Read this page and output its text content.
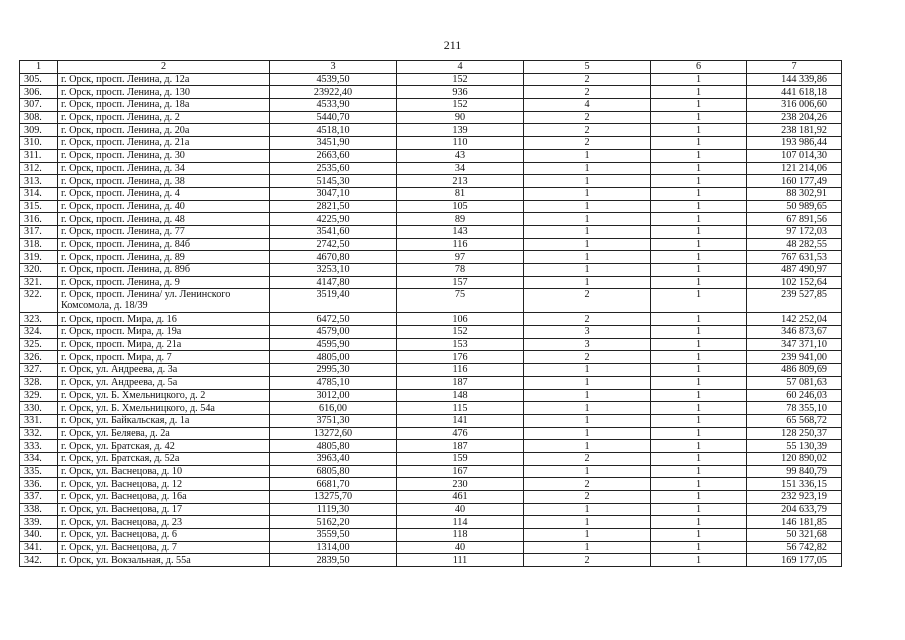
211
1	2	3	4	5	6	7
305.	г. Орск, просп. Ленина, д. 12а	4539,50	152	2	1	144 339,86
306.	г. Орск, просп. Ленина, д. 130	23922,40	936	2	1	441 618,18
307.	г. Орск, просп. Ленина, д. 18а	4533,90	152	4	1	316 006,60
308.	г. Орск, просп. Ленина, д. 2	5440,70	90	2	1	238 204,26
309.	г. Орск, просп. Ленина, д. 20а	4518,10	139	2	1	238 181,92
310.	г. Орск, просп. Ленина, д. 21а	3451,90	110	2	1	193 986,44
311.	г. Орск, просп. Ленина, д. 30	2663,60	43	1	1	107 014,30
312.	г. Орск, просп. Ленина, д. 34	2535,60	34	1	1	121 214,06
313.	г. Орск, просп. Ленина, д. 38	5145,30	213	1	1	160 177,49
314.	г. Орск, просп. Ленина, д. 4	3047,10	81	1	1	88 302,91
315.	г. Орск, просп. Ленина, д. 40	2821,50	105	1	1	50 989,65
316.	г. Орск, просп. Ленина, д. 48	4225,90	89	1	1	67 891,56
317.	г. Орск, просп. Ленина, д. 77	3541,60	143	1	1	97 172,03
318.	г. Орск, просп. Ленина, д. 84б	2742,50	116	1	1	48 282,55
319.	г. Орск, просп. Ленина, д. 89	4670,80	97	1	1	767 631,53
320.	г. Орск, просп. Ленина, д. 89б	3253,10	78	1	1	487 490,97
321.	г. Орск, просп. Ленина, д. 9	4147,80	157	1	1	102 152,64
322.	г. Орск, просп. Ленина/ ул. Ленинского Комсомола, д. 18/39	3519,40	75	2	1	239 527,85
323.	г. Орск, просп. Мира, д. 16	6472,50	106	2	1	142 252,04
324.	г. Орск, просп. Мира, д. 19а	4579,00	152	3	1	346 873,67
325.	г. Орск, просп. Мира, д. 21а	4595,90	153	3	1	347 371,10
326.	г. Орск, просп. Мира, д. 7	4805,00	176	2	1	239 941,00
327.	г. Орск, ул. Андреева, д. 3а	2995,30	116	1	1	486 809,69
328.	г. Орск, ул. Андреева, д. 5а	4785,10	187	1	1	57 081,63
329.	г. Орск, ул. Б. Хмельницкого, д. 2	3012,00	148	1	1	60 246,03
330.	г. Орск, ул. Б. Хмельницкого, д. 54а	616,00	115	1	1	78 355,10
331.	г. Орск, ул. Байкальская, д. 1а	3751,30	141	1	1	65 568,72
332.	г. Орск, ул. Беляева, д. 2а	13272,60	476	1	1	128 250,37
333.	г. Орск, ул. Братская, д. 42	4805,80	187	1	1	55 130,39
334.	г. Орск, ул. Братская, д. 52а	3963,40	159	2	1	120 890,02
335.	г. Орск, ул. Васнецова, д. 10	6805,80	167	1	1	99 840,79
336.	г. Орск, ул. Васнецова, д. 12	6681,70	230	2	1	151 336,15
337.	г. Орск, ул. Васнецова, д. 16а	13275,70	461	2	1	232 923,19
338.	г. Орск, ул. Васнецова, д. 17	1119,30	40	1	1	204 633,79
339.	г. Орск, ул. Васнецова, д. 23	5162,20	114	1	1	146 181,85
340.	г. Орск, ул. Васнецова, д. 6	3559,50	118	1	1	50 321,68
341.	г. Орск, ул. Васнецова, д. 7	1314,00	40	1	1	56 742,82
342.	г. Орск, ул. Вокзальная, д. 55а	2839,50	111	2	1	169 177,05
